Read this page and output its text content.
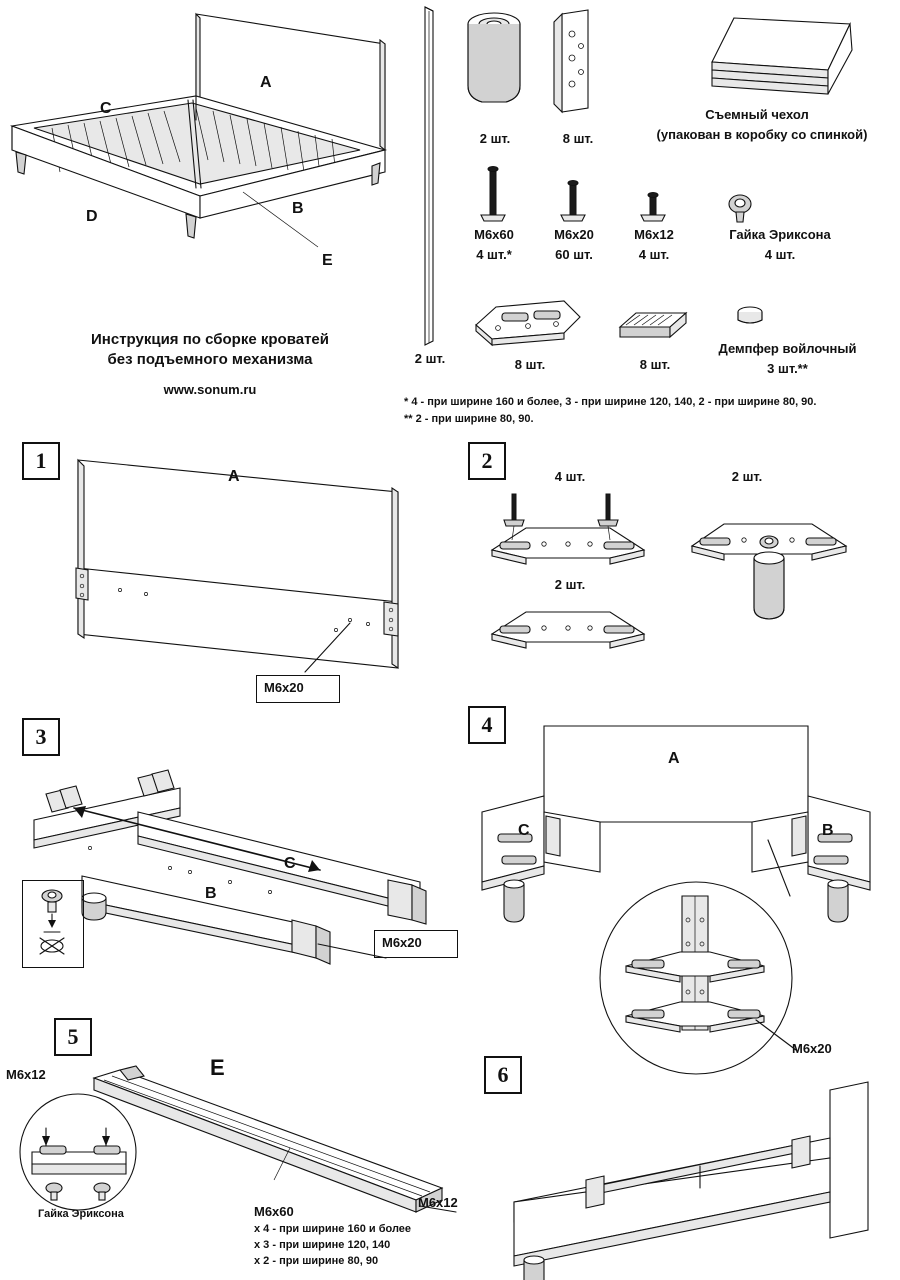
A
C
D	B
E
Инструкция по сборке кроватей
без подъемного механизма
www.sonum.ru
2 шт.
2 шт.	8 шт.
Съемный чехол
(упакован в коробку со спинкой)
M6x60
4 шт.*
M6x20
60 шт.
M6x12
4 шт.
Гайка Эриксона
4 шт.
8 шт.	8 шт.
Демпфер войлочный
3 шт.**
* 4 - при ширине 160 и более, 3 - при ширине 120, 140, 2 - при ширине 80, 90.
** 2 - при ширине 80, 90.
1
A
M6x20
2
4 шт.	2 шт.
2 шт.
3
C
B
M6x20
4
A
C	B
M6x20
5
E
M6x12
M6x12
Гайка Эриксона	M6x60
x 4 - при ширине 160 и более
x 3 - при ширине 120, 140
x 2 - при ширине 80, 90
6
